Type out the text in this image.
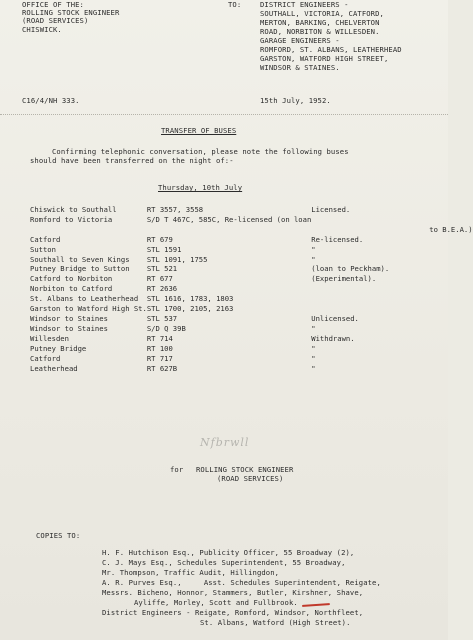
OFFICE OF THE:
ROLLING STOCK ENGINEER
(ROAD SERVICES)
CHISWICK.
TO:	DISTRICT ENGINEERS -
SOUTHALL, VICTORIA, CATFORD,
MERTON, BARKING, CHELVERTON
ROAD, NORBITON & WILLESDEN.
GARAGE ENGINEERS -
ROMFORD, ST. ALBANS, LEATHERHEAD
GARSTON, WATFORD HIGH STREET,
WINDSOR & STAINES.
C16/4/NH 333.	15th July, 1952.
TRANSFER OF BUSES
Confirming telephonic conversation, please note the following buses
should have been transferred on the night of:-
Thursday, 10th July
Chiswick to Southall	RT 3557, 3558	Licensed.
Romford to Victoria	S/D T 467C, 585C, Re-licensed (on loan	
		to B.E.A.)
Catford	RT 679	Re-licensed.
Sutton	STL 1591	"
Southall to Seven Kings	STL 1091, 1755	"
Putney Bridge to Sutton	STL 521	(loan to Peckham).
Catford to Norbiton	RT 677	(Experimental).
Norbiton to Catford	RT 2636	
St. Albans to Leatherhead	STL 1616, 1783, 1803	
Garston to Watford High St.	STL 1700, 2105, 2163	
Windsor to Staines	STL 537	Unlicensed.
Windsor to Staines	S/D Q 39B	"
Willesden	RT 714	Withdrawn.
Putney Bridge	RT 100	"
Catford	RT 717	"
Leatherhead	RT 627B	"
Nfbrwll
for ROLLING STOCK ENGINEER
(ROAD SERVICES)
COPIES TO:
H. F. Hutchison Esq., Publicity Officer, 55 Broadway (2),
C. J. Mays Esq., Schedules Superintendent, 55 Broadway,
Mr. Thompson, Traffic Audit, Hillingdon,
A. R. Purves Esq.,     Asst. Schedules Superintendent, Reigate,
Messrs. Bicheno, Honnor, Stammers, Butler, Kirshner, Shave,
Ayliffe, Morley, Scott and Fullbrook.
District Engineers - Reigate, Romford, Windsor, Northfleet,
St. Albans, Watford (High Street).
